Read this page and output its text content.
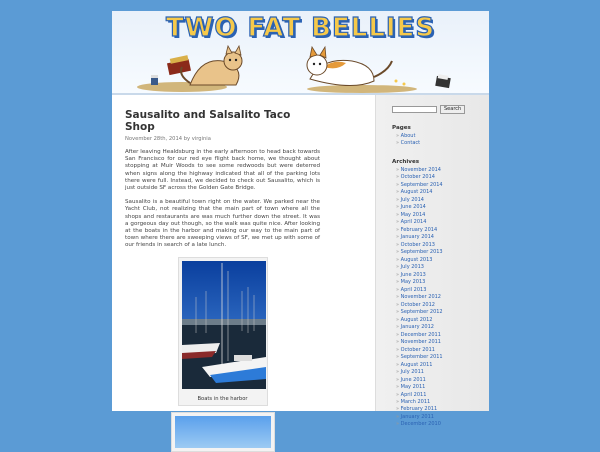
TWO FAT BELLIES
Sausalito and Salsalito Taco Shop
November 28th, 2014 by virginia

After leaving Healdsburg in the early afternoon to head back towards San Francisco for our red eye flight back home, we thought about stopping at Muir Woods to see some redwoods but were deterred when signs along the highway indicated that all of the parking lots there were full. Instead, we decided to check out Sausalito, which is just outside SF across the Golden Gate Bridge.

Sausalito is a beautiful town right on the water. We parked near the Yacht Club, not realizing that the main part of town where all the shops and restaurants are was much further down the street. It was a gorgeous day out though, so the walk was quite nice. After looking at the boats in the harbor and making our way to the main part of town where there are sweeping views of SF, we met up with some of our friends in search of a late lunch.

Boats in the harbor
Search
Pages
» About
» Contact
Archives
» November 2014
» October 2014
» September 2014
» August 2014
» July 2014
» June 2014
» May 2014
» April 2014
» February 2014
» January 2014
» October 2013
» September 2013
» August 2013
» July 2013
» June 2013
» May 2013
» April 2013
» November 2012
» October 2012
» September 2012
» August 2012
» January 2012
» December 2011
» November 2011
» October 2011
» September 2011
» August 2011
» July 2011
» June 2011
» May 2011
» April 2011
» March 2011
» February 2011
» January 2011
» December 2010
